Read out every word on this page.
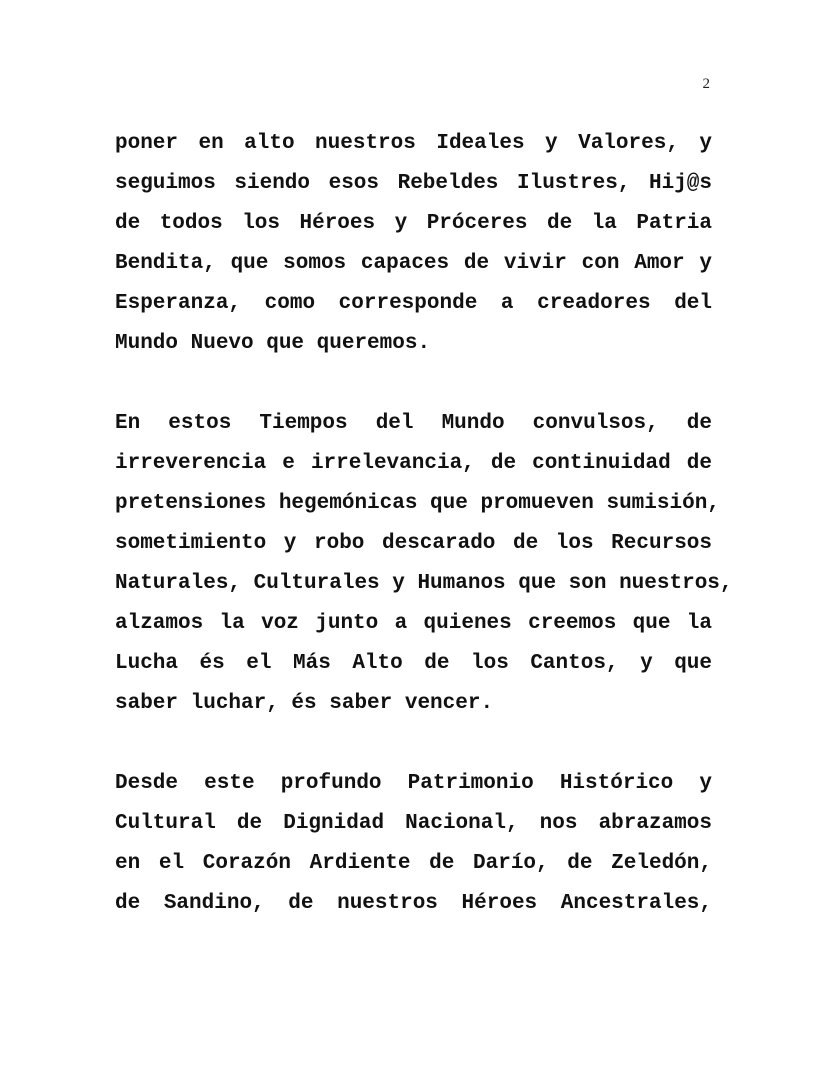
2
poner en alto nuestros Ideales y Valores, y
seguimos siendo esos Rebeldes Ilustres, Hij@s
de todos los Héroes y Próceres de la Patria
Bendita, que somos capaces de vivir con Amor y
Esperanza, como corresponde a creadores del
Mundo Nuevo que queremos.
En estos Tiempos del Mundo convulsos, de
irreverencia e irrelevancia, de continuidad de
pretensiones hegemónicas que promueven sumisión,
sometimiento y robo descarado de los Recursos
Naturales, Culturales y Humanos que son nuestros,
alzamos la voz junto a quienes creemos que la
Lucha és el Más Alto de los Cantos, y que
saber luchar, és saber vencer.
Desde este profundo Patrimonio Histórico y
Cultural de Dignidad Nacional, nos abrazamos
en el Corazón Ardiente de Darío, de Zeledón,
de Sandino, de nuestros Héroes Ancestrales,
